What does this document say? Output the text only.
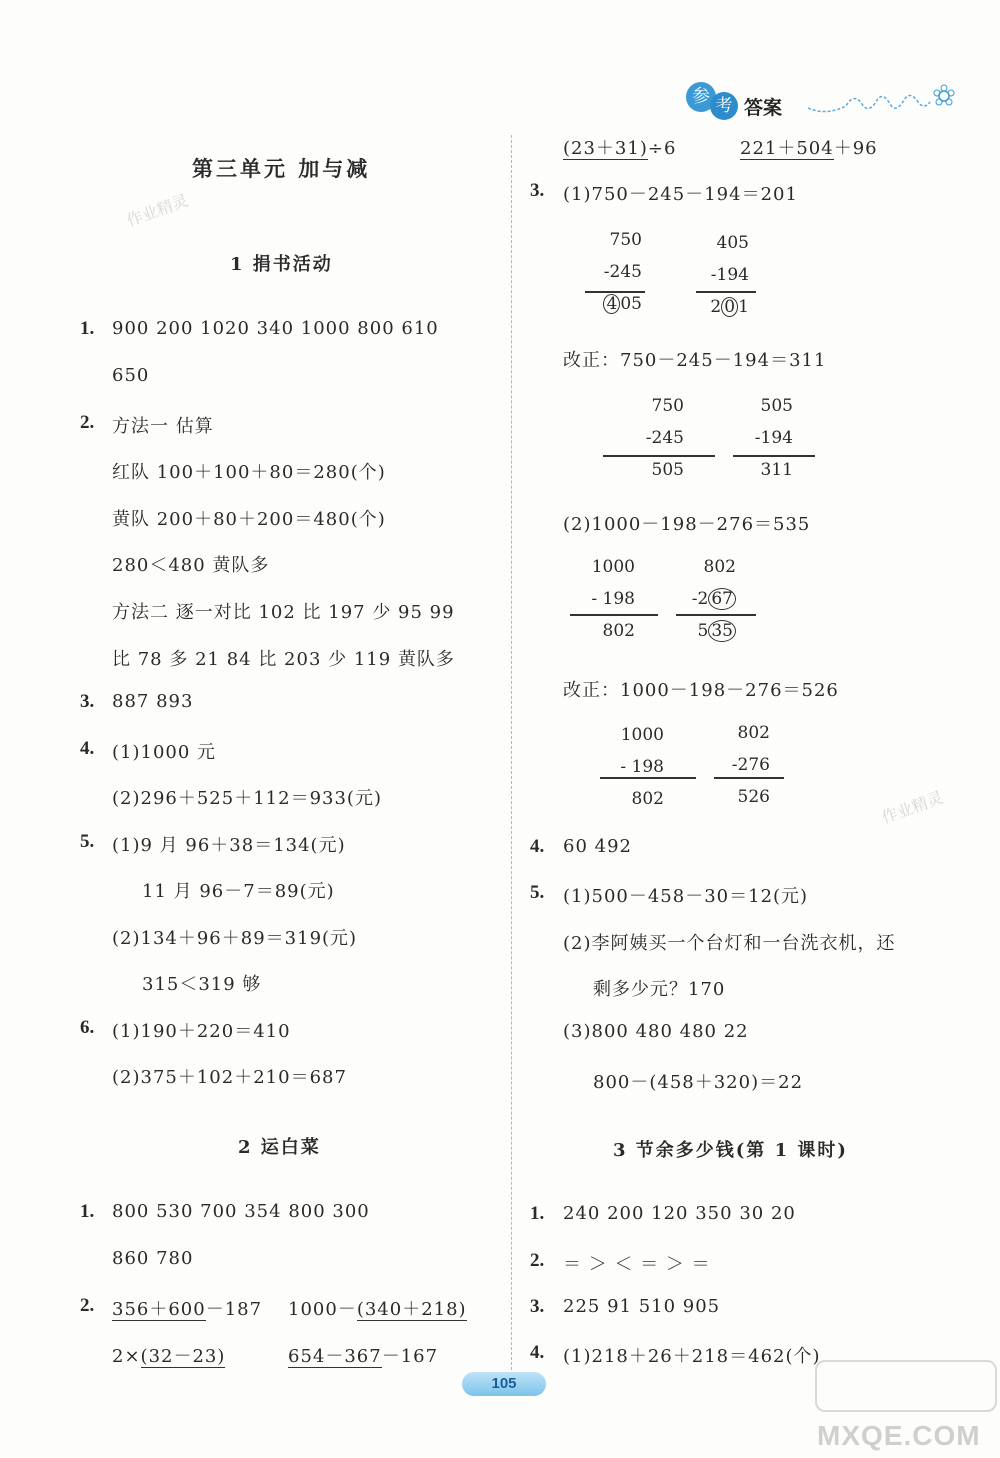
参 考 答案
作业精灵
作业精灵
第三单元 加与减
1 捐书活动
1. 900 200 1020 340 1000 800 610
650
2. 方法一 估算
红队 100＋100＋80＝280(个)
黄队 200＋80＋200＝480(个)
280＜480 黄队多
方法二 逐一对比 102 比 197 少 95 99
比 78 多 21 84 比 203 少 119 黄队多
3. 887 893
4. (1)1000 元
(2)296＋525＋112＝933(元)
5. (1)9 月 96＋38＝134(元)
11 月 96－7＝89(元)
(2)134＋96＋89＝319(元)
315＜319 够
6. (1)190＋220＝410
(2)375＋102＋210＝687
2 运白菜
1. 800 530 700 354 800 300
860 780
2. 356＋600－187 1000－(340＋218)
2×(32－23)	654－367－167
(23＋31)÷6	221＋504＋96
3. (1)750－245－194＝201
750
-245
4 05
405
-194
2 0 1
改正：750－245－194＝311
750
-245
505
505
-194
311
(2)1000－198－276＝535
1000
- 198
802
802
-2 67
5 35
改正：1000－198－276＝526
1000
- 198
802
802
-276
526
4. 60 492
5. (1)500－458－30＝12(元)
(2)李阿姨买一个台灯和一台洗衣机，还
剩多少元？170
(3)800 480 480 22
800－(458＋320)＝22
3 节余多少钱(第 1 课时)
1. 240 200 120 350 30 20
2. ＝ ＞ ＜ ＝ ＞ ＝
3. 225 91 510 905
4. (1)218＋26＋218＝462(个)
105
MXQE.COM
